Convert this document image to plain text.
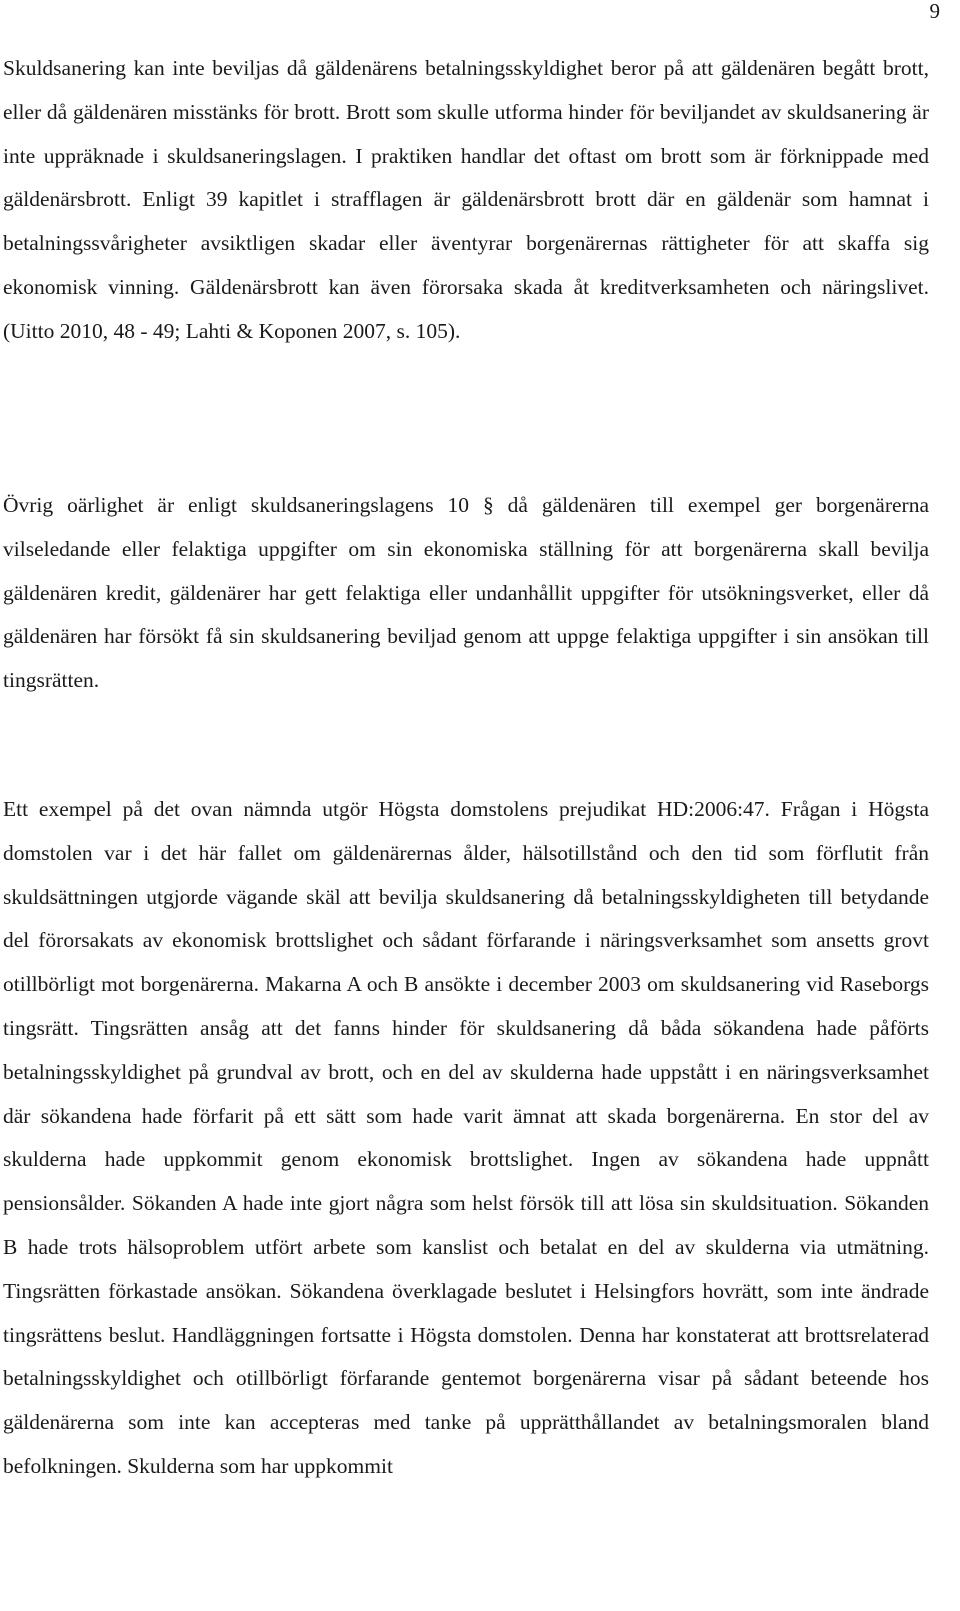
9

Skuldsanering kan inte beviljas då gäldenärens betalningsskyldighet beror på att gäldenären begått brott, eller då gäldenären misstänks för brott. Brott som skulle utforma hinder för beviljandet av skuldsanering är inte uppräknade i skuldsaneringslagen. I praktiken handlar det oftast om brott som är förknippade med gäldenärsbrott. Enligt 39 kapitlet i strafflagen är gäldenärsbrott brott där en gäldenär som hamnat i betalningssvårigheter avsiktligen skadar eller äventyrar borgenärernas rättigheter för att skaffa sig ekonomisk vinning. Gäldenärsbrott kan även förorsaka skada åt kreditverksamheten och näringslivet. (Uitto 2010, 48 - 49; Lahti & Koponen 2007, s. 105).

Övrig oärlighet är enligt skuldsaneringslagens 10 § då gäldenären till exempel ger borgenärerna vilseledande eller felaktiga uppgifter om sin ekonomiska ställning för att borgenärerna skall bevilja gäldenären kredit, gäldenärer har gett felaktiga eller undanhållit uppgifter för utsökningsverket, eller då gäldenären har försökt få sin skuldsanering beviljad genom att uppge felaktiga uppgifter i sin ansökan till tingsrätten.

Ett exempel på det ovan nämnda utgör Högsta domstolens prejudikat HD:2006:47. Frågan i Högsta domstolen var i det här fallet om gäldenärernas ålder, hälsotillstånd och den tid som förflutit från skuldsättningen utgjorde vägande skäl att bevilja skuldsanering då betalningsskyldigheten till betydande del förorsakats av ekonomisk brottslighet och sådant förfarande i näringsverksamhet som ansetts grovt otillbörligt mot borgenärerna. Makarna A och B ansökte i december 2003 om skuldsanering vid Raseborgs tingsrätt. Tingsrätten ansåg att det fanns hinder för skuldsanering då båda sökandena hade påförts betalningsskyldighet på grundval av brott, och en del av skulderna hade uppstått i en näringsverksamhet där sökandena hade förfarit på ett sätt som hade varit ämnat att skada borgenärerna. En stor del av skulderna hade uppkommit genom ekonomisk brottslighet. Ingen av sökandena hade uppnått pensionsålder. Sökanden A hade inte gjort några som helst försök till att lösa sin skuldsituation. Sökanden B hade trots hälsoproblem utfört arbete som kanslist och betalat en del av skulderna via utmätning. Tingsrätten förkastade ansökan. Sökandena överklagade beslutet i Helsingfors hovrätt, som inte ändrade tingsrättens beslut. Handläggningen fortsatte i Högsta domstolen. Denna har konstaterat att brottsrelaterad betalningsskyldighet och otillbörligt förfarande gentemot borgenärerna visar på sådant beteende hos gäldenärerna som inte kan accepteras med tanke på upprätthållandet av betalningsmoralen bland befolkningen. Skulderna som har uppkommit
